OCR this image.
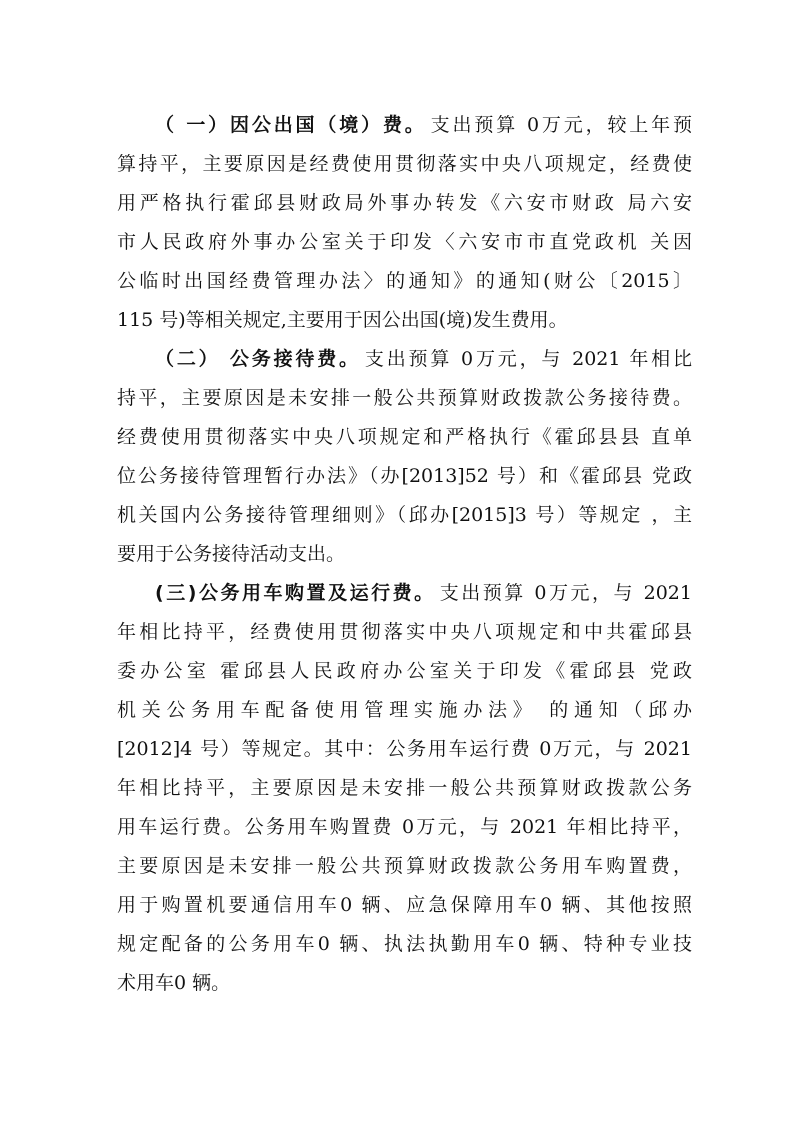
（ 一）因公出国（境）费。 支出预算 0万元，较上年预
算持平，主要原因是经费使用贯彻落实中央八项规定，经费使
用严格执行霍邱县财政局外事办转发《六安市财政 局六安
市人民政府外事办公室关于印发〈六安市市直党政机 关因
公临时出国经费管理办法〉的通知》的通知(财公〔2015〕
115 号)等相关规定,主要用于因公出国(境)发生费用。
（二） 公务接待费。 支出预算 0万元，与 2021 年相比
持平，主要原因是未安排一般公共预算财政拨款公务接待费。
经费使用贯彻落实中央八项规定和严格执行《霍邱县县 直单
位公务接待管理暂行办法》（办[2013]52 号）和《霍邱县 党政
机关国内公务接待管理细则》（邱办[2015]3 号）等规定 ，主
要用于公务接待活动支出。
(三)公务用车购置及运行费。 支出预算 0万元，与 2021
年相比持平，经费使用贯彻落实中央八项规定和中共霍邱县
委办公室 霍邱县人民政府办公室关于印发《霍邱县 党政
机关公务用车配备使用管理实施办法》 的通知（邱办
[2012]4 号）等规定。其中：公务用车运行费 0万元，与 2021
年相比持平，主要原因是未安排一般公共预算财政拨款公务
用车运行费。公务用车购置费 0万元，与 2021 年相比持平，
主要原因是未安排一般公共预算财政拨款公务用车购置费，
用于购置机要通信用车0 辆、应急保障用车0 辆、其他按照
规定配备的公务用车0 辆、执法执勤用车0 辆、特种专业技
术用车0 辆。
